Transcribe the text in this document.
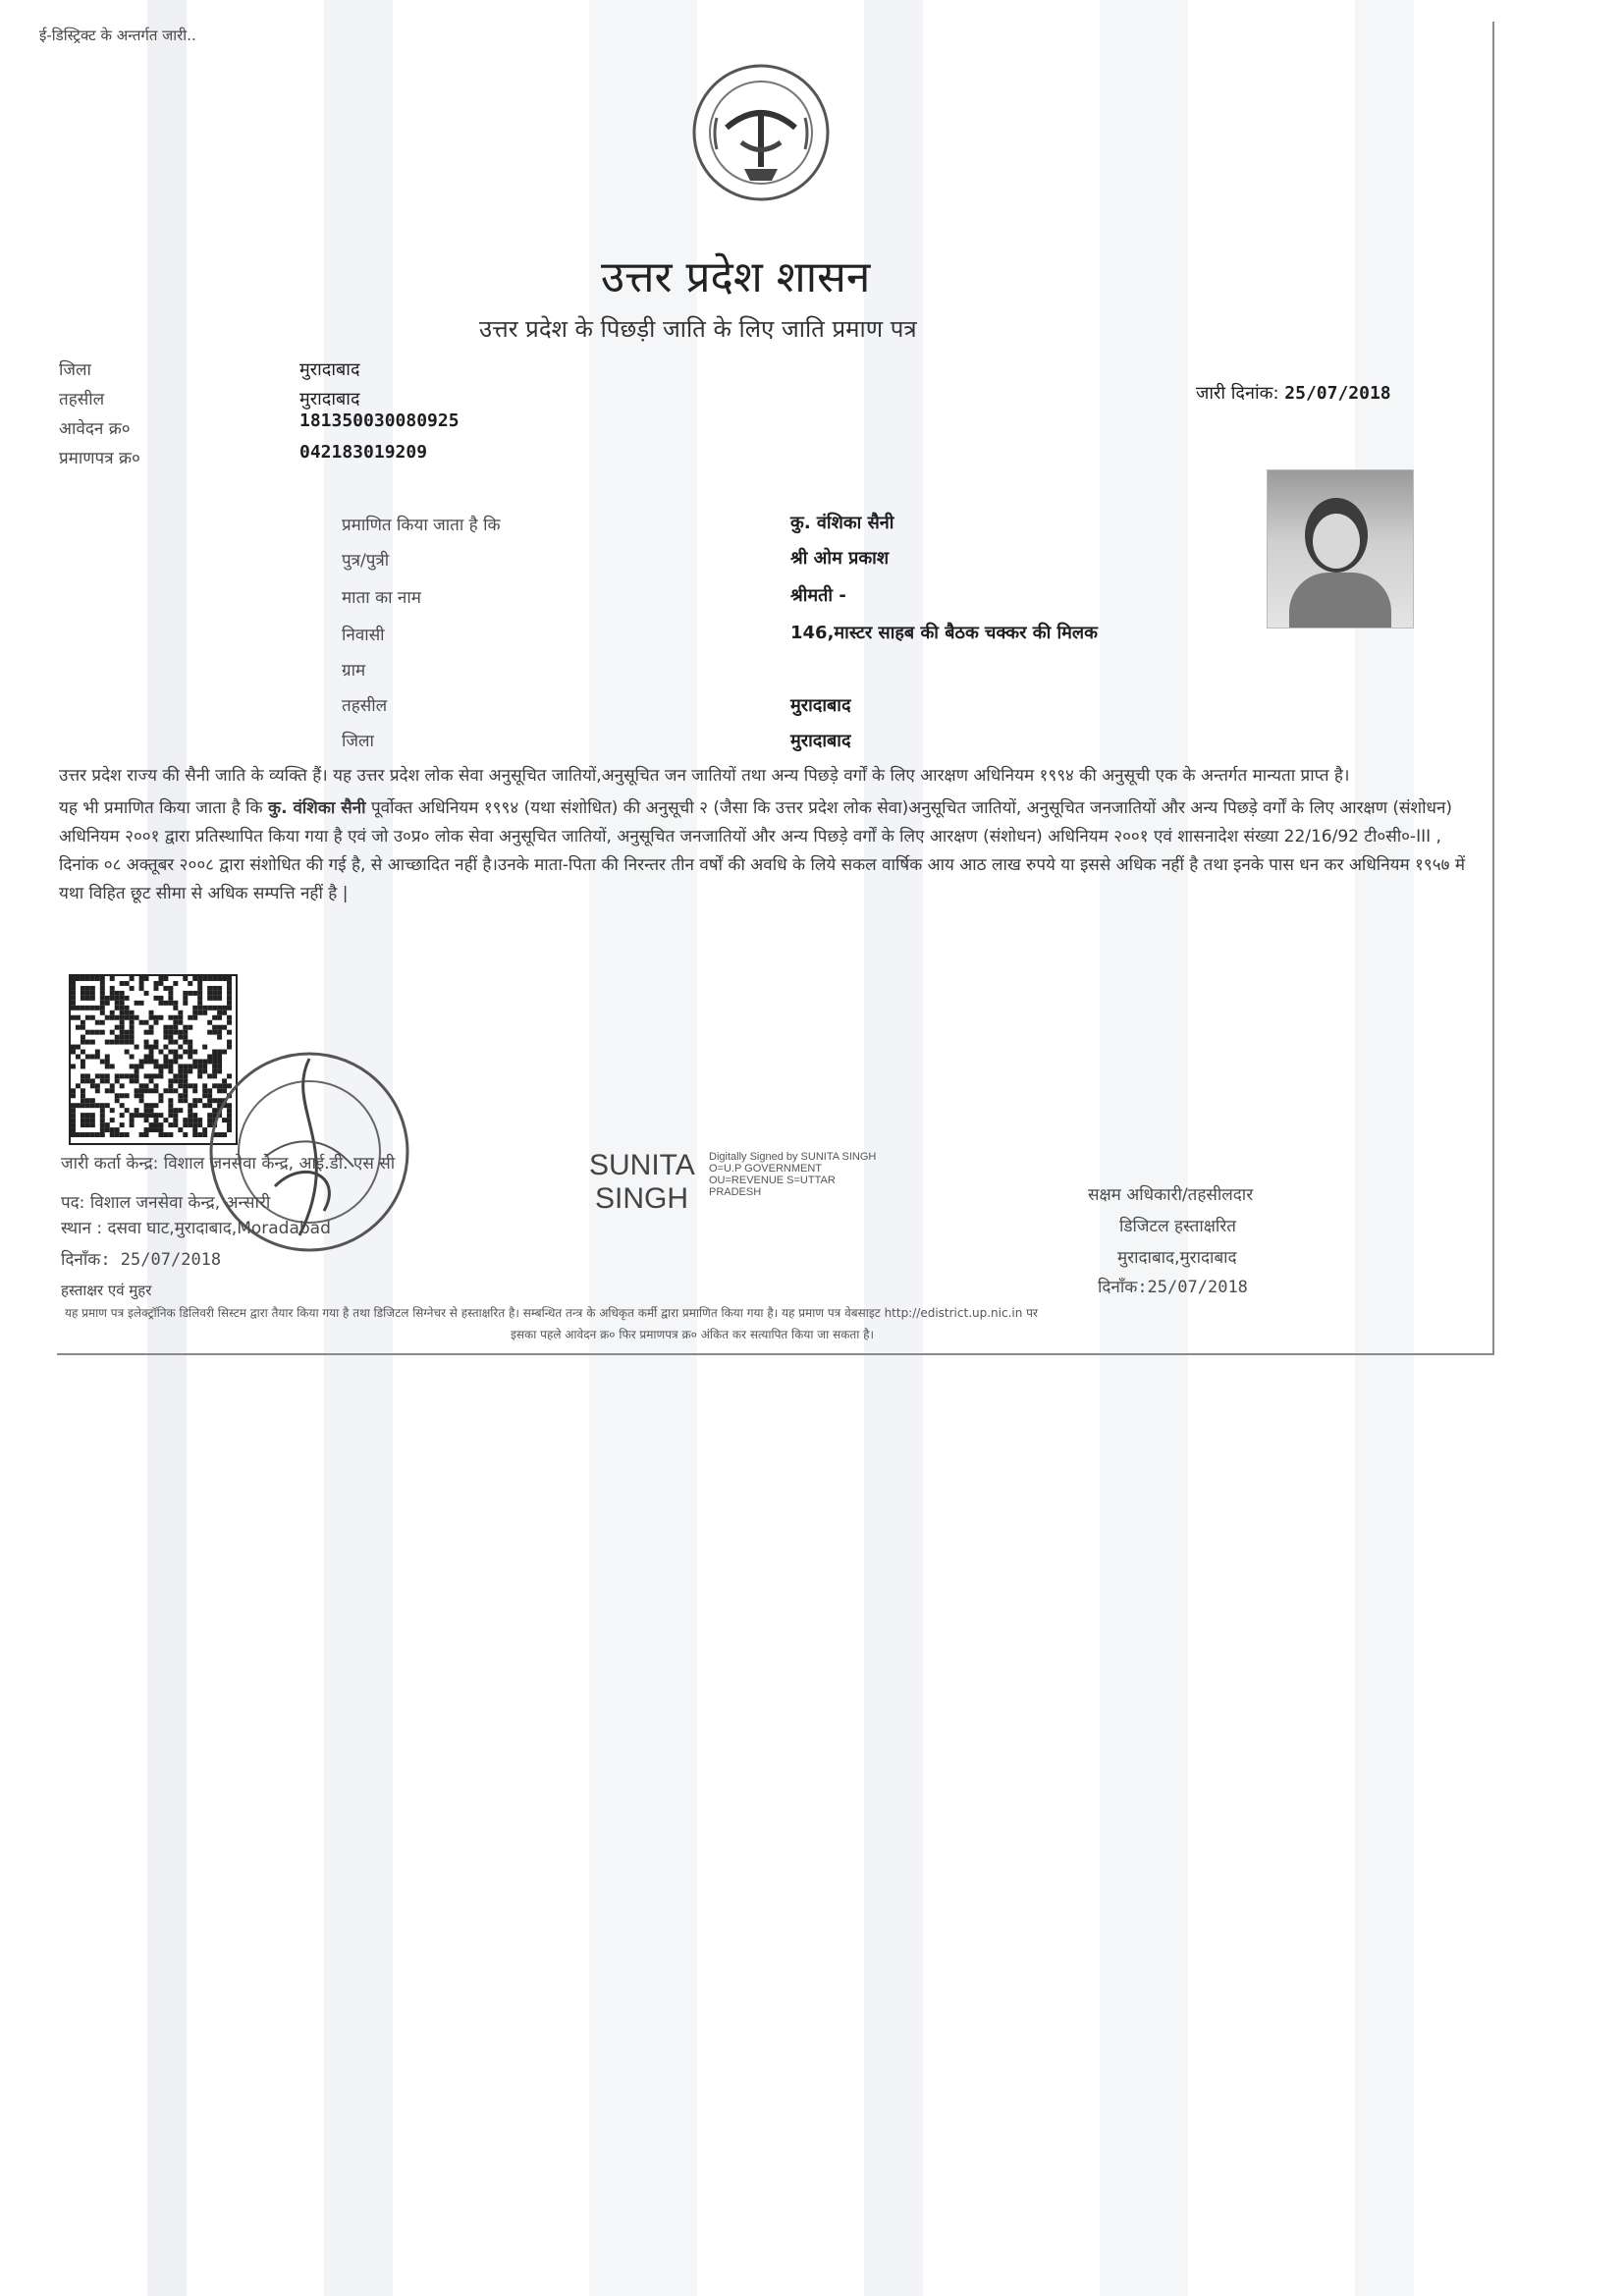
ई-डिस्ट्रिक्ट के अन्तर्गत जारी..
उत्तर प्रदेश शासन
उत्तर प्रदेश के पिछड़ी जाति के लिए जाति प्रमाण पत्र
जिला	मुरादाबाद
तहसील	मुरादाबाद
आवेदन क्र०	181350030080925
प्रमाणपत्र क्र०	042183019209
जारी दिनांक: 25/07/2018
प्रमाणित किया जाता है कि	कु. वंशिका सैनी
पुत्र/पुत्री	श्री ओम प्रकाश
माता का नाम	श्रीमती -
निवासी	146,मास्टर साहब की बैठक चक्कर की मिलक
ग्राम
तहसील	मुरादाबाद
जिला	मुरादाबाद

उत्तर प्रदेश राज्य की सैनी जाति के व्यक्ति हैं। यह उत्तर प्रदेश लोक सेवा अनुसूचित जातियों,अनुसूचित जन जातियों तथा अन्य पिछड़े वर्गों के लिए आरक्षण अधिनियम १९९४ की अनुसूची एक के अन्तर्गत मान्यता प्राप्त है।

यह भी प्रमाणित किया जाता है कि कु. वंशिका सैनी पूर्वोक्त अधिनियम १९९४ (यथा संशोधित) की अनुसूची २ (जैसा कि उत्तर प्रदेश लोक सेवा)अनुसूचित जातियों, अनुसूचित जनजातियों और अन्य पिछड़े वर्गों के लिए आरक्षण (संशोधन) अधिनियम २००१ द्वारा प्रतिस्थापित किया गया है एवं जो उ०प्र० लोक सेवा अनुसूचित जातियों, अनुसूचित जनजातियों और अन्य पिछड़े वर्गों के लिए आरक्षण (संशोधन) अधिनियम २००१ एवं शासनादेश संख्या 22/16/92 टी०सी०-III , दिनांक ०८ अक्तूबर २००८ द्वारा संशोधित की गई है, से आच्छादित नहीं है।उनके माता-पिता की निरन्तर तीन वर्षों की अवधि के लिये सकल वार्षिक आय आठ लाख रुपये या इससे अधिक नहीं है तथा इनके पास धन कर अधिनियम १९५७ में यथा विहित छूट सीमा से अधिक सम्पत्ति नहीं है |

जारी कर्ता केन्द्र: विशाल जनसेवा केन्द्र, आई.डी. एस सी
पद: विशाल जनसेवा केन्द्र, अन्सारी
स्थान : दसवा घाट,मुरादाबाद,Moradabad
दिनाँक: 25/07/2018
हस्ताक्षर एवं मुहर
SUNITA
SINGH
Digitally Signed by SUNITA SINGH
O=U.P GOVERNMENT
OU=REVENUE S=UTTAR
PRADESH	सक्षम अधिकारी/तहसीलदार
डिजिटल हस्ताक्षरित
मुरादाबाद,मुरादाबाद
दिनाँक:25/07/2018
यह प्रमाण पत्र इलेक्ट्रॉनिक डिलिवरी सिस्टम द्वारा तैयार किया गया है तथा डिजिटल सिग्नेचर से हस्ताक्षरित है। सम्बन्धित तन्त्र के अधिकृत कर्मी द्वारा प्रमाणित किया गया है। यह प्रमाण पत्र वेबसाइट http://edistrict.up.nic.in पर
इसका पहले आवेदन क्र० फिर प्रमाणपत्र क्र० अंकित कर सत्यापित किया जा सकता है।
